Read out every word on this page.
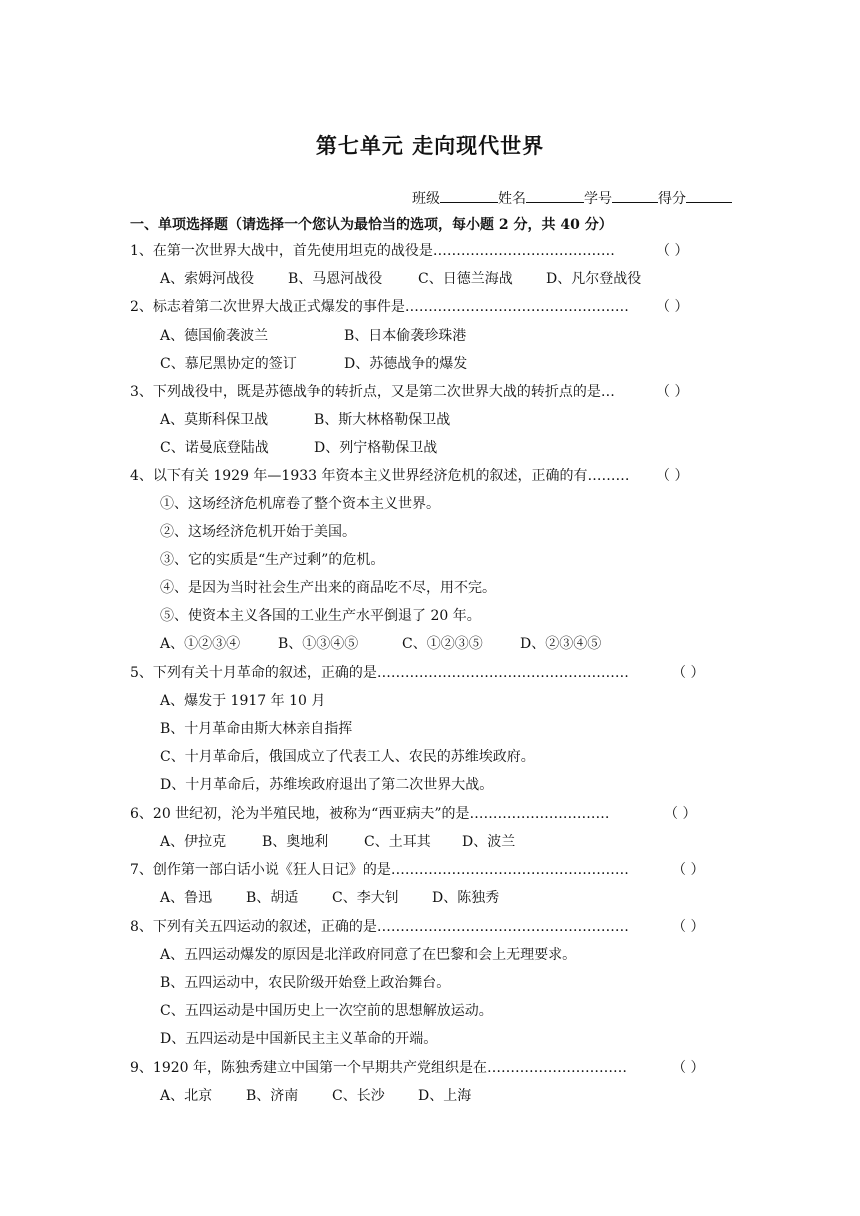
第七单元 走向现代世界
班级	姓名	学号	得分
一、单项选择题（请选择一个您认为最恰当的选项，每小题 2 分，共 40 分）
1、在第一次世界大战中，首先使用坦克的战役是…………………………………	（ ）
A、索姆河战役 B、马恩河战役	C、日德兰海战 D、凡尔登战役
2、标志着第二次世界大战正式爆发的事件是………………………………………… （ ）
A、德国偷袭波兰	B、日本偷袭珍珠港
C、慕尼黑协定的签订	D、苏德战争的爆发
3、下列战役中，既是苏德战争的转折点，又是第二次世界大战的转折点的是…	（ ）
A、莫斯科保卫战	B、斯大林格勒保卫战
C、诺曼底登陆战	D、列宁格勒保卫战
4、以下有关 1929 年—1933 年资本主义世界经济危机的叙述，正确的有……… （ ）
①、这场经济危机席卷了整个资本主义世界。
②、这场经济危机开始于美国。
③、它的实质是“生产过剩”的危机。
④、是因为当时社会生产出来的商品吃不尽，用不完。
⑤、使资本主义各国的工业生产水平倒退了 20 年。
A、①②③④	B、①③④⑤	C、①②③⑤	D、②③④⑤
5、下列有关十月革命的叙述，正确的是………………………………………………	（ ）
A、爆发于 1917 年 10 月
B、十月革命由斯大林亲自指挥
C、十月革命后，俄国成立了代表工人、农民的苏维埃政府。
D、十月革命后，苏维埃政府退出了第二次世界大战。
6、20 世纪初，沦为半殖民地，被称为“西亚病夫”的是…………………………	（ ）
A、伊拉克	B、奥地利	C、土耳其 D、波兰
7、创作第一部白话小说《狂人日记》的是……………………………………………	（ ）
A、鲁迅 B、胡适 C、李大钊 D、陈独秀
8、下列有关五四运动的叙述，正确的是………………………………………………	（ ）
A、五四运动爆发的原因是北洋政府同意了在巴黎和会上无理要求。
B、五四运动中，农民阶级开始登上政治舞台。
C、五四运动是中国历史上一次空前的思想解放运动。
D、五四运动是中国新民主主义革命的开端。
9、1920 年，陈独秀建立中国第一个早期共产党组织是在…………………………	（ ）
A、北京 B、济南 C、长沙 D、上海
